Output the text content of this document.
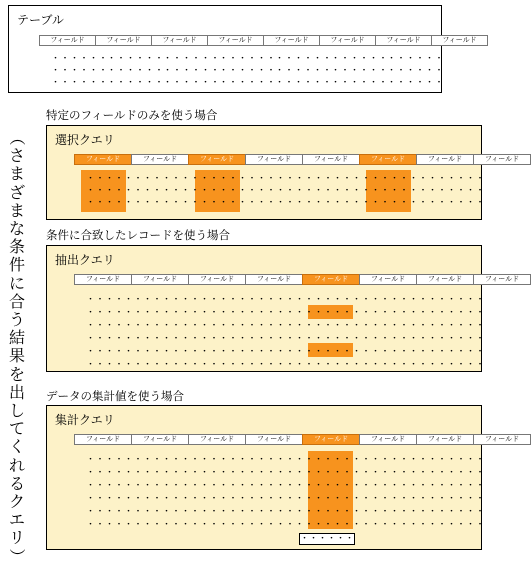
テーブル
フィールド	フィールド	フィールド	フィールド	フィールド	フィールド	フィールド	フィールド
・・・・・・
・・・・・・
・・・・・・
・・・・・・
・・・・・・
・・・・・・
・・・・・・
・・・・・・
・・・・・・
・・・・・・
・・・・・・
・・・・・・
・・・・・・
・・・・・・
・・・・・・
・・・・・・
・・・・・・
・・・・・・
・・・・・・
・・・・・・
・・・・・・
特定のフィールドのみを使う場合
選択クエリ
フィールド	フィールド	フィールド	フィールド	フィールド	フィールド	フィールド	フィールド
・・・・・・ ・・・・・・ ・・・・・・ ・・・・・・ ・・・・・・ ・・・・・・ ・・・・・・
・・・・・・ ・・・・・・ ・・・・・・ ・・・・・・ ・・・・・・ ・・・・・・ ・・・・・・
・・・・・・ ・・・・・・ ・・・・・・ ・・・・・・ ・・・・・・ ・・・・・・ ・・・・・・
条件に合致したレコードを使う場合
抽出クエリ
フィールド	フィールド	フィールド	フィールド	フィールド	フィールド	フィールド	フィールド
・・・・・・ ・・・・・・ ・・・・・・ ・・・・・・ ・・・・・・ ・・・・・・ ・・・・・・
・・・・・・ ・・・・・・ ・・・・・・ ・・・・・・ ・・・・・・ ・・・・・・ ・・・・・・
・・・・・・ ・・・・・・ ・・・・・・ ・・・・・・ ・・・・・・ ・・・・・・ ・・・・・・
・・・・・・ ・・・・・・ ・・・・・・ ・・・・・・ ・・・・・・ ・・・・・・ ・・・・・・
・・・・・・ ・・・・・・ ・・・・・・ ・・・・・・ ・・・・・・ ・・・・・・ ・・・・・・
・・・・・・ ・・・・・・ ・・・・・・ ・・・・・・ ・・・・・・ ・・・・・・ ・・・・・・
データの集計値を使う場合
集計クエリ
フィールド	フィールド	フィールド	フィールド	フィールド	フィールド	フィールド	フィールド
・・・・・・ ・・・・・・ ・・・・・・ ・・・・・・ ・・・・・・ ・・・・・・ ・・・・・・
・・・・・・ ・・・・・・ ・・・・・・ ・・・・・・ ・・・・・・ ・・・・・・ ・・・・・・
・・・・・・ ・・・・・・ ・・・・・・ ・・・・・・ ・・・・・・ ・・・・・・ ・・・・・・
・・・・・・ ・・・・・・ ・・・・・・ ・・・・・・ ・・・・・・ ・・・・・・ ・・・・・・
・・・・・・ ・・・・・・ ・・・・・・ ・・・・・・ ・・・・・・ ・・・・・・ ・・・・・・
・・・・・・ ・・・・・・ ・・・・・・ ・・・・・・ ・・・・・・ ・・・・・・ ・・・・・・
・・・・・・
（
さ
ま
ざ
ま
な
条
件
に
合
う
結
果
を
出
し
て
く
れ
る
ク
エ
リ
）
